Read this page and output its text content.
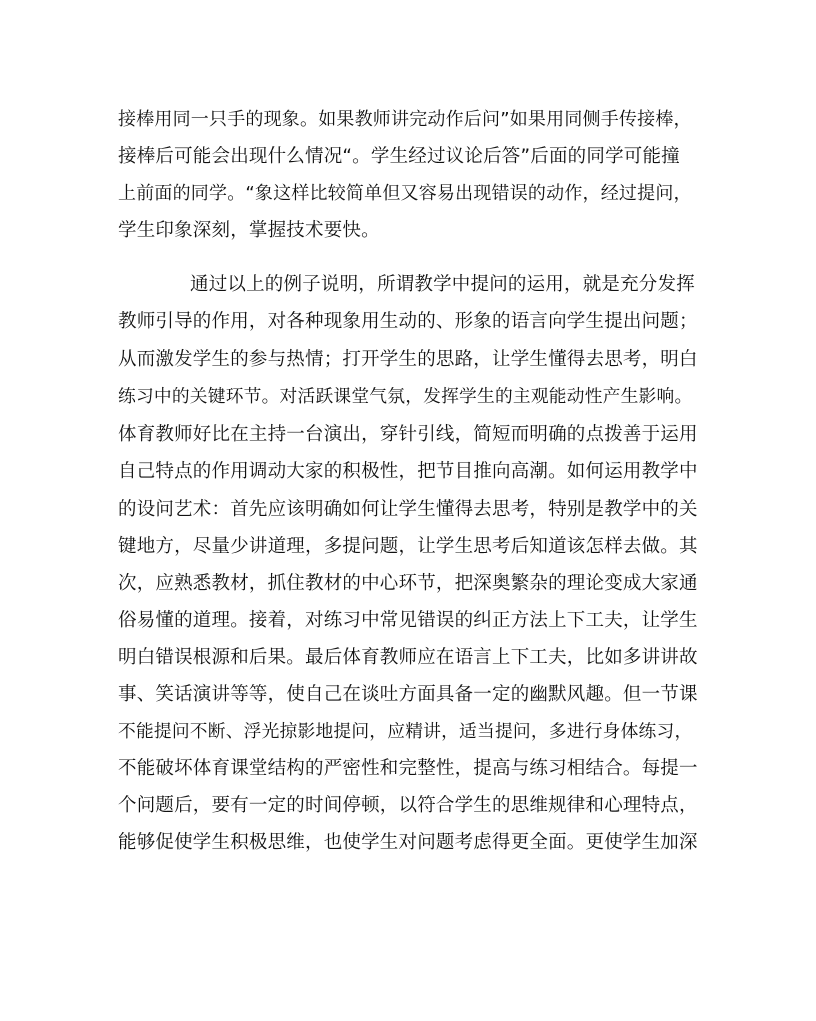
接棒用同一只手的现象。如果教师讲完动作后问”如果用同侧手传接棒，
接棒后可能会出现什么情况“。学生经过议论后答”后面的同学可能撞
上前面的同学。“象这样比较简单但又容易出现错误的动作，经过提问，
学生印象深刻，掌握技术要快。
通过以上的例子说明，所谓教学中提问的运用，就是充分发挥
教师引导的作用，对各种现象用生动的、形象的语言向学生提出问题；
从而激发学生的参与热情；打开学生的思路，让学生懂得去思考，明白
练习中的关键环节。对活跃课堂气氛，发挥学生的主观能动性产生影响。
体育教师好比在主持一台演出，穿针引线，简短而明确的点拨善于运用
自己特点的作用调动大家的积极性，把节目推向高潮。如何运用教学中
的设问艺术：首先应该明确如何让学生懂得去思考，特别是教学中的关
键地方，尽量少讲道理，多提问题，让学生思考后知道该怎样去做。其
次，应熟悉教材，抓住教材的中心环节，把深奥繁杂的理论变成大家通
俗易懂的道理。接着，对练习中常见错误的纠正方法上下工夫，让学生
明白错误根源和后果。最后体育教师应在语言上下工夫，比如多讲讲故
事、笑话演讲等等，使自己在谈吐方面具备一定的幽默风趣。但一节课
不能提问不断、浮光掠影地提问，应精讲，适当提问，多进行身体练习，
不能破坏体育课堂结构的严密性和完整性，提高与练习相结合。每提一
个问题后，要有一定的时间停顿，以符合学生的思维规律和心理特点，
能够促使学生积极思维，也使学生对问题考虑得更全面。更使学生加深
